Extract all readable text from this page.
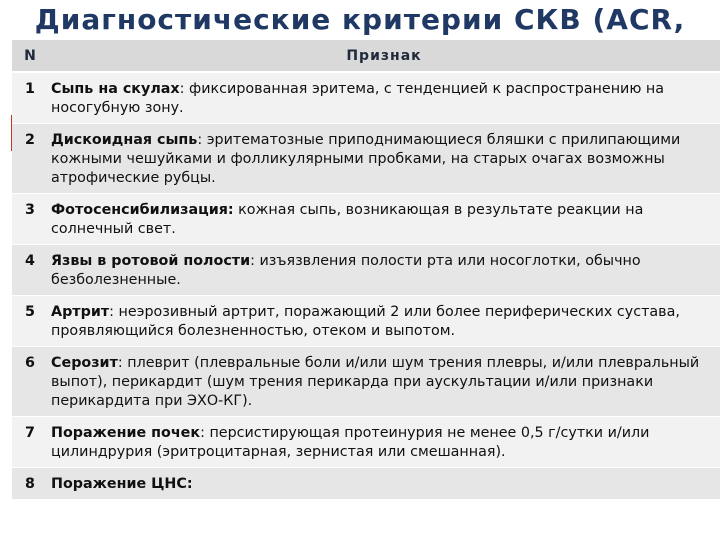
Диагностические критерии СКВ (ACR,
N	Признак
1	Сыпь на скулах: фиксированная эритема, с тенденцией к распространению на носогубную зону.
2	Дискоидная сыпь: эритематозные приподнимающиеся бляшки с прилипающими кожными чешуйками и фолликулярными пробками, на старых очагах возможны атрофические рубцы.
3	Фотосенсибилизация: кожная сыпь, возникающая в результате реакции на солнечный свет.
4	Язвы в ротовой полости: изъязвления полости рта или носоглотки, обычно безболезненные.
5	Артрит: неэрозивный артрит, поражающий 2 или более периферических сустава, проявляющийся болезненностью, отеком и выпотом.
6	Серозит: плеврит (плевральные боли и/или шум трения плевры, и/или плевральный выпот), перикардит (шум трения перикарда при аускультации и/или признаки перикардита при ЭХО-КГ).
7	Поражение почек: персистирующая протеинурия не менее 0,5 г/сутки и/или цилиндрурия (эритроцитарная, зернистая или смешанная).
8	Поражение ЦНС:
